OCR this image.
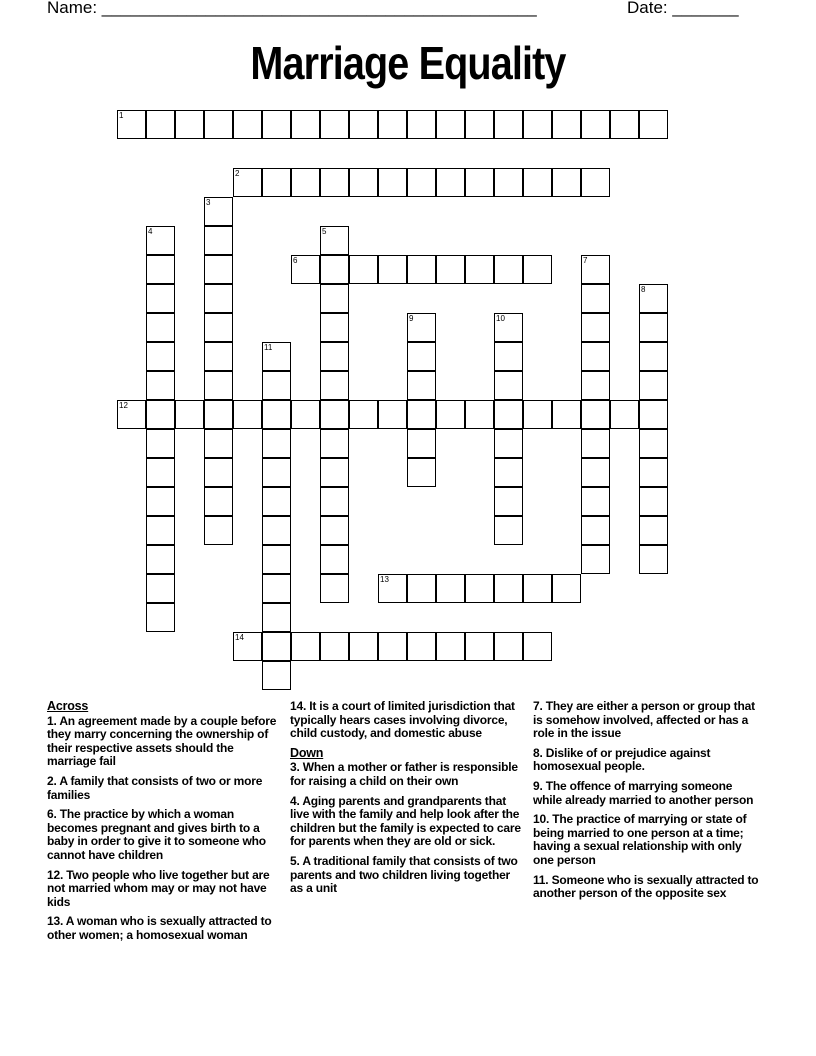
Name: ______________________________________________	Date: _______
Marriage Equality
1
2
3
4	5
6	7
8
9	10
11
12
13
14
Across
1. An agreement made by a couple before they marry concerning the ownership of their respective assets should the marriage fail
2. A family that consists of two or more families
6. The practice by which a woman becomes pregnant and gives birth to a baby in order to give it to someone who cannot have children
12. Two people who live together but are not married whom may or may not have kids
13. A woman who is sexually attracted to other women; a homosexual woman
14. It is a court of limited jurisdiction that typically hears cases involving divorce, child custody, and domestic abuse
Down
3. When a mother or father is responsible for raising a child on their own
4. Aging parents and grandparents that live with the family and help look after the children but the family is expected to care for parents when they are old or sick.
5. A traditional family that consists of two parents and two children living together as a unit
7. They are either a person or group that is somehow involved, affected or has a role in the issue
8. Dislike of or prejudice against homosexual people.
9. The offence of marrying someone while already married to another person
10. The practice of marrying or state of being married to one person at a time; having a sexual relationship with only one person
11. Someone who is sexually attracted to another person of the opposite sex
